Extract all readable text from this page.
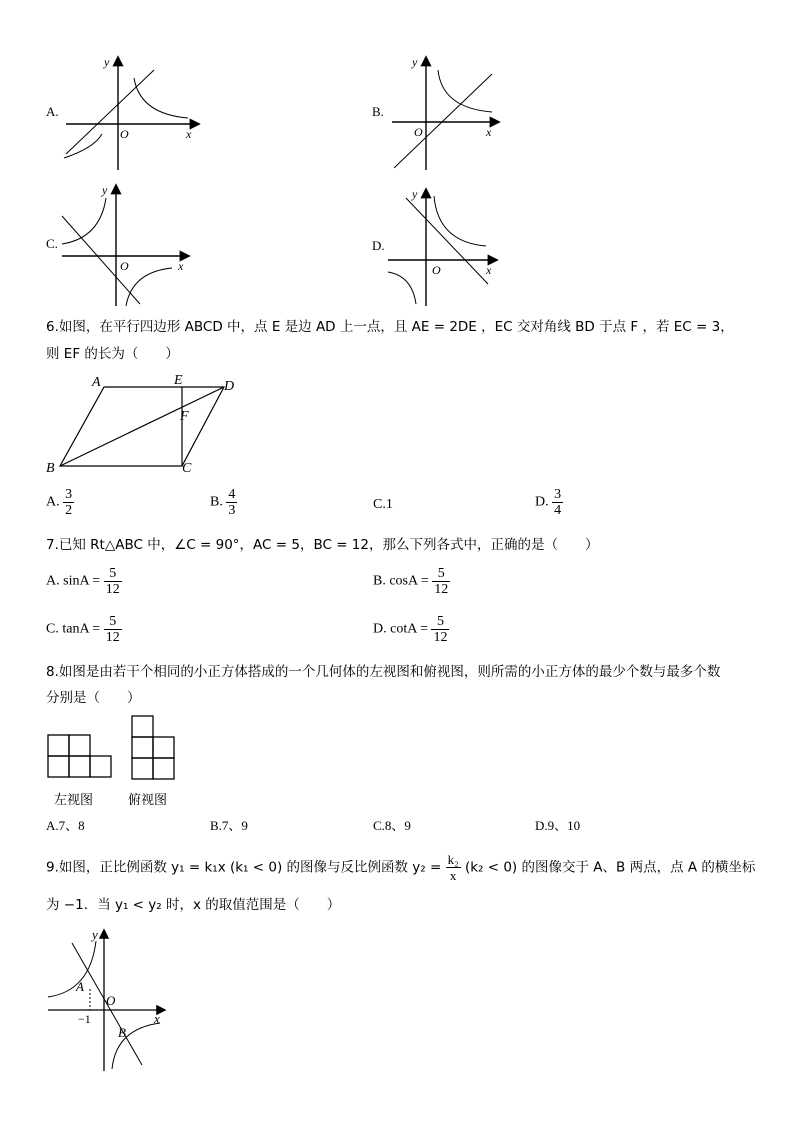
A.
x
y
O
B.
x
y
O
C.
x
y
O
D.
x
y
O
6.如图，在平行四边形 ABCD 中，点 E 是边 AD 上一点，且 AE = 2DE ，EC 交对角线 BD 于点 F ，若 EC = 3，
则 EF 的长为（　　）
A	E	D
F
B	C
A. $\frac{3}{2}$	B. $\frac{4}{3}$	C.1	D. $\frac{3}{4}$
7.已知 Rt△ABC 中，∠C = 90°，AC = 5，BC = 12，那么下列各式中，正确的是（　　）
A. $\sin A = \frac{5}{12}$	B. $\cos A = \frac{5}{12}$
C. $\tan A = \frac{5}{12}$	D. $\cot A = \frac{5}{12}$
8.如图是由若干个相同的小正方体搭成的一个几何体的左视图和俯视图，则所需的小正方体的最少个数与最多个数
分别是（　　）
左视图	俯视图
A.7、8	B.7、9	C.8、9	D.9、10
9.如图，正比例函数 y₁ = k₁x (k₁ < 0) 的图像与反比例函数 $y_2 = \frac{\text{k₂}}{x} (k_2 < 0)$ 的图像交于 A、B 两点，点 A 的横坐标
为 −1．当 y₁ < y₂ 时，x 的取值范围是（　　）
y
x
O
A
B
−1
